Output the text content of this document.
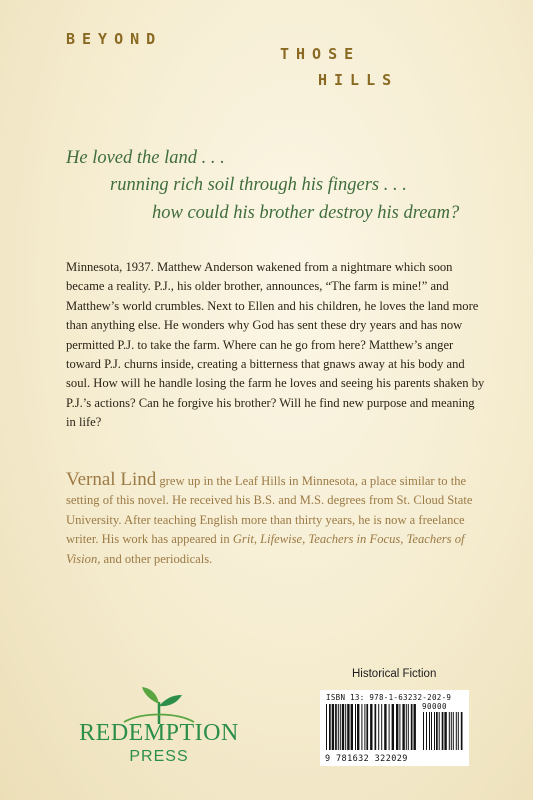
BEYOND
THOSE
HILLS
He loved the land . . .
running rich soil through his fingers . . .
how could his brother destroy his dream?

Minnesota, 1937. Matthew Anderson wakened from a nightmare which soon became a reality. P.J., his older brother, announces, “The farm is mine!” and Matthew’s world crumbles. Next to Ellen and his children, he loves the land more than anything else. He wonders why God has sent these dry years and has now permitted P.J. to take the farm. Where can he go from here? Matthew’s anger toward P.J. churns inside, creating a bitterness that gnaws away at his body and soul. How will he handle losing the farm he loves and seeing his parents shaken by P.J.’s actions? Can he forgive his brother? Will he find new purpose and meaning in life?

Vernal Lind grew up in the Leaf Hills in Minnesota, a place similar to the setting of this novel. He received his B.S. and M.S. degrees from St. Cloud State University. After teaching English more than thirty years, he is now a freelance writer. His work has appeared in Grit, Lifewise, Teachers in Focus, Teachers of Vision, and other periodicals.

Historical Fiction
REDEMPTION
PRESS
ISBN 13: 978-1-63232-202-9
90000
9 781632 322029
